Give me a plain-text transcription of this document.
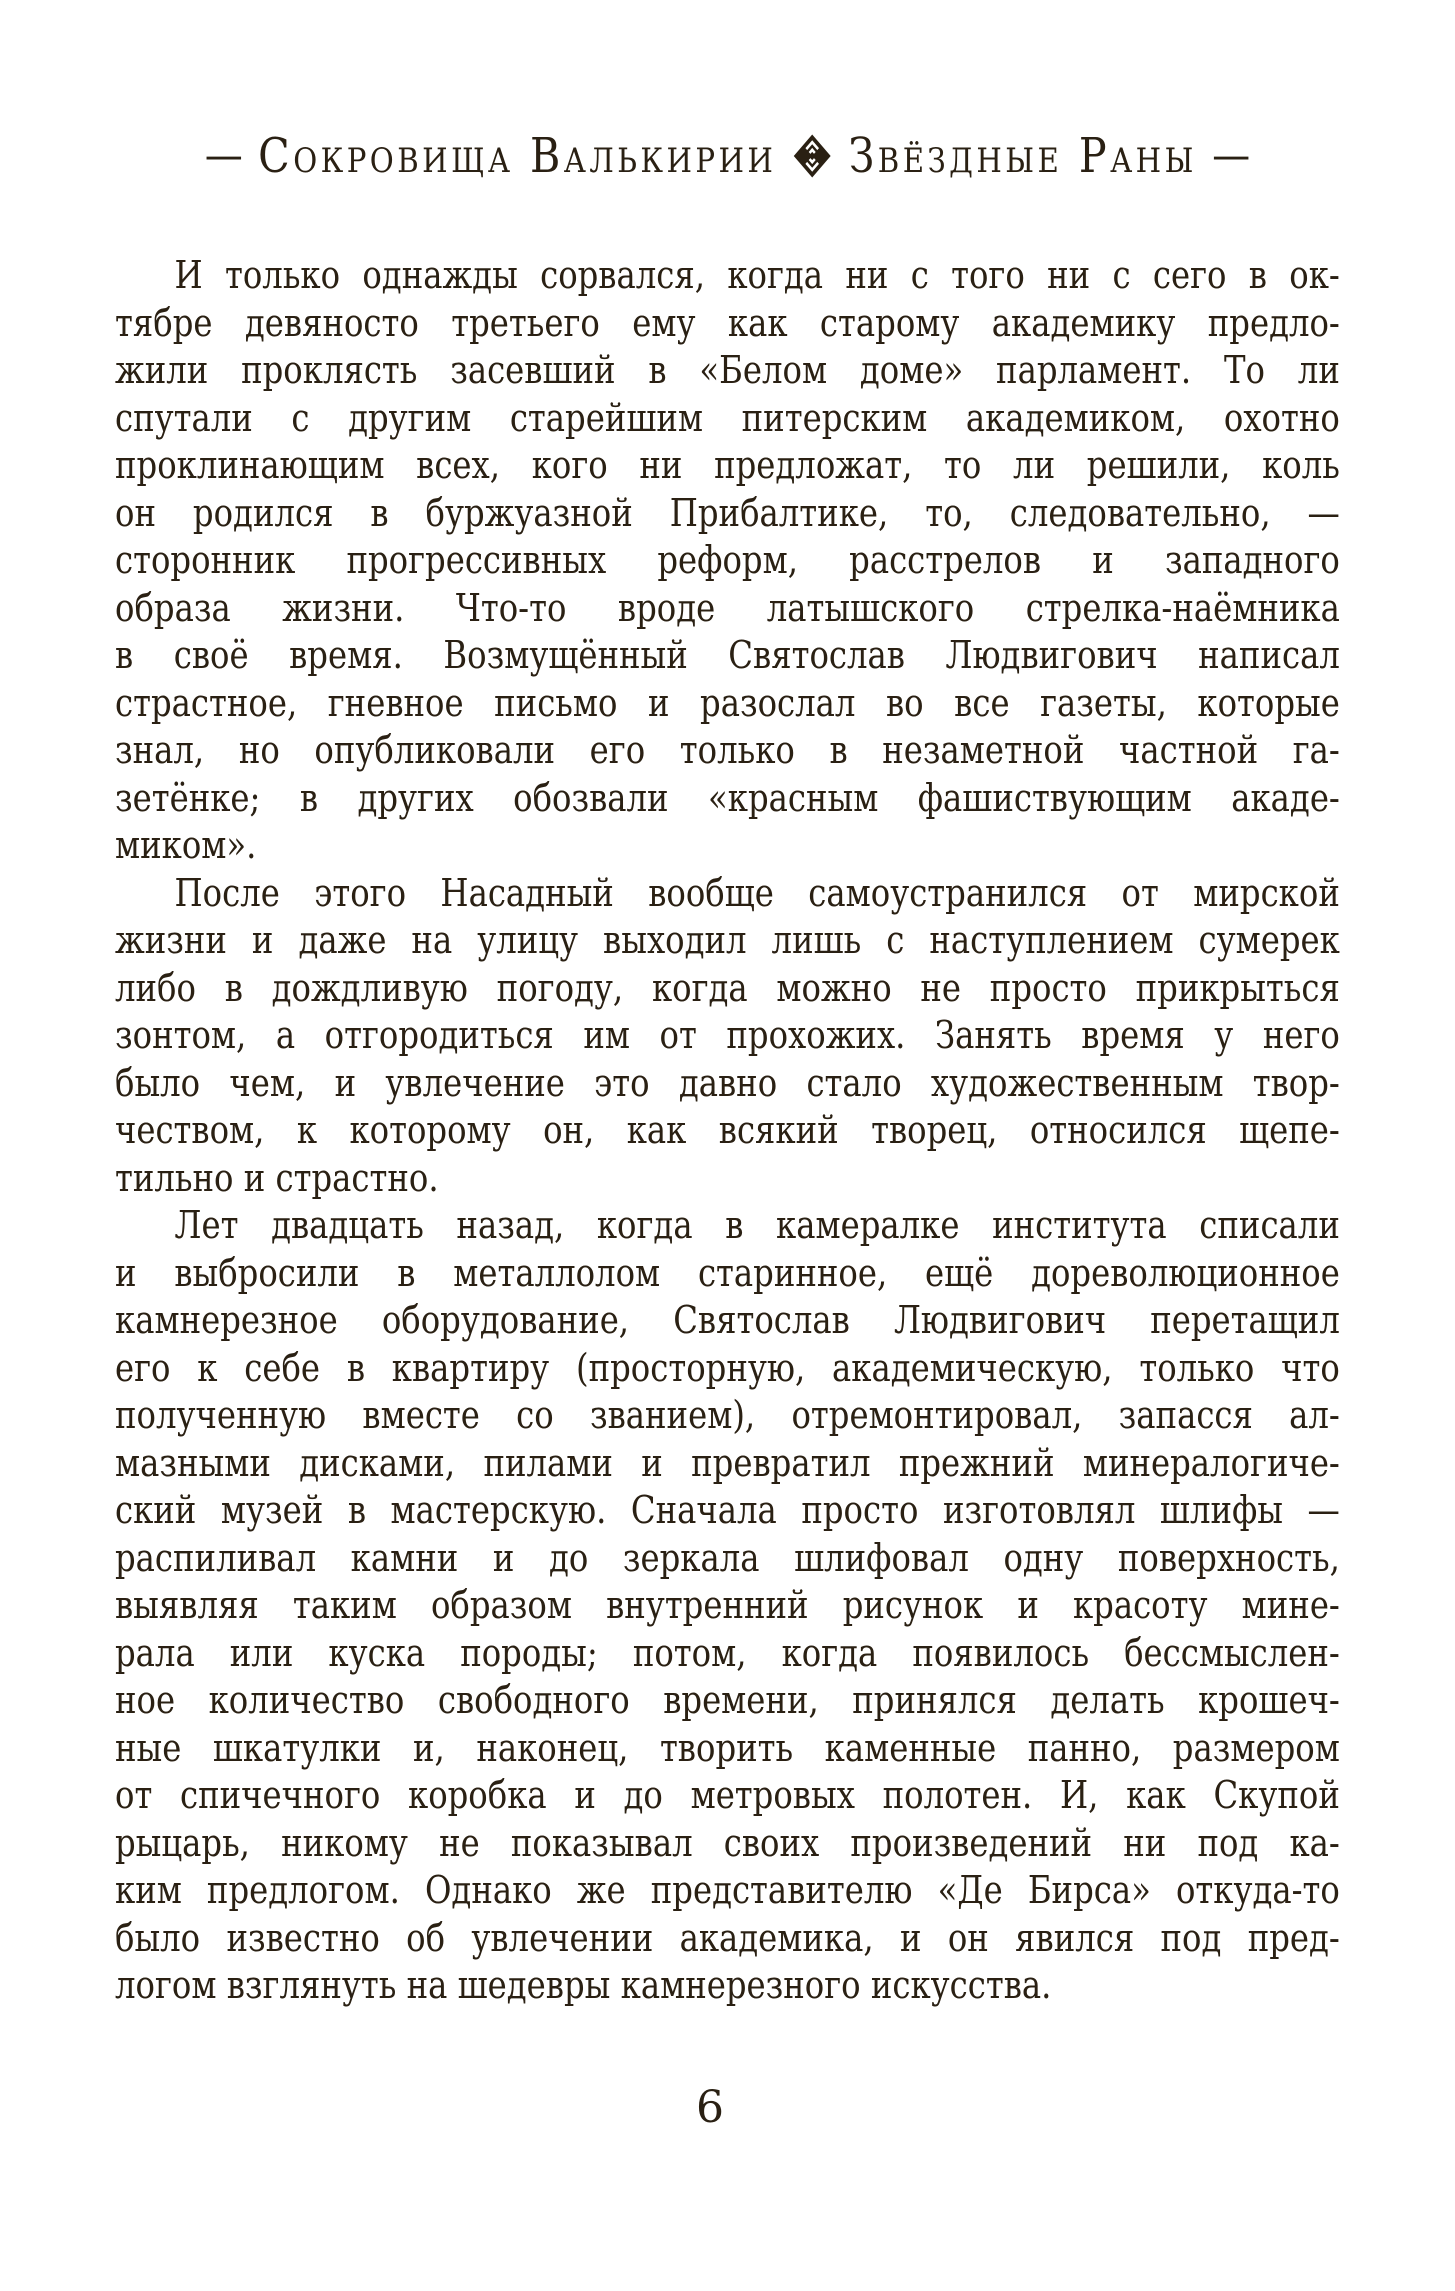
— Сокровища Валькирии Звёздные Раны —
И только однажды сорвался, когда ни с того ни с сего в ок-
тябре девяносто третьего ему как старому академику предло-
жили проклясть засевший в «Белом доме» парламент. То ли
спутали с другим старейшим питерским академиком, охотно
проклинающим всех, кого ни предложат, то ли решили, коль
он родился в буржуазной Прибалтике, то, следовательно, —
сторонник прогрессивных реформ, расстрелов и западного
образа жизни. Что-то вроде латышского стрелка-наёмника
в своё время. Возмущённый Святослав Людвигович написал
страстное, гневное письмо и разослал во все газеты, которые
знал, но опубликовали его только в незаметной частной га-
зетёнке; в других обозвали «красным фашиствующим акаде-
миком».
После этого Насадный вообще самоустранился от мирской
жизни и даже на улицу выходил лишь с наступлением сумерек
либо в дождливую погоду, когда можно не просто прикрыться
зонтом, а отгородиться им от прохожих. Занять время у него
было чем, и увлечение это давно стало художественным твор-
чеством, к которому он, как всякий творец, относился щепе-
тильно и страстно.
Лет двадцать назад, когда в камералке института списали
и выбросили в металлолом старинное, ещё дореволюционное
камнерезное оборудование, Святослав Людвигович перетащил
его к себе в квартиру (просторную, академическую, только что
полученную вместе со званием), отремонтировал, запасся ал-
мазными дисками, пилами и превратил прежний минералогиче-
ский музей в мастерскую. Сначала просто изготовлял шлифы —
распиливал камни и до зеркала шлифовал одну поверхность,
выявляя таким образом внутренний рисунок и красоту мине-
рала или куска породы; потом, когда появилось бессмыслен-
ное количество свободного времени, принялся делать крошеч-
ные шкатулки и, наконец, творить каменные панно, размером
от спичечного коробка и до метровых полотен. И, как Скупой
рыцарь, никому не показывал своих произведений ни под ка-
ким предлогом. Однако же представителю «Де Бирса» откуда-то
было известно об увлечении академика, и он явился под пред-
логом взглянуть на шедевры камнерезного искусства.
6
